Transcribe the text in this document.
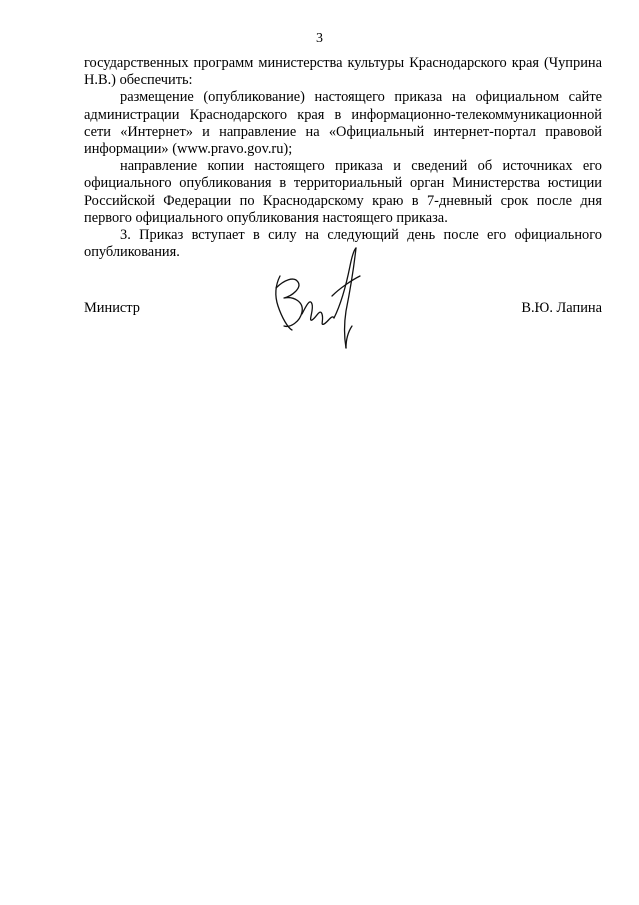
3

государственных программ министерства культуры Краснодарского края (Чуприна Н.В.) обеспечить:

размещение (опубликование) настоящего приказа на официальном сайте администрации Краснодарского края в информационно-телекоммуникационной сети «Интернет» и направление на «Официальный интернет-портал правовой информации» (www.pravo.gov.ru);

направление копии настоящего приказа и сведений об источниках его официального опубликования в территориальный орган Министерства юстиции Российской Федерации по Краснодарскому краю в 7-дневный срок после дня первого официального опубликования настоящего приказа.

3. Приказ вступает в силу на следующий день после его официального опубликования.

Министр	В.Ю. Лапина
